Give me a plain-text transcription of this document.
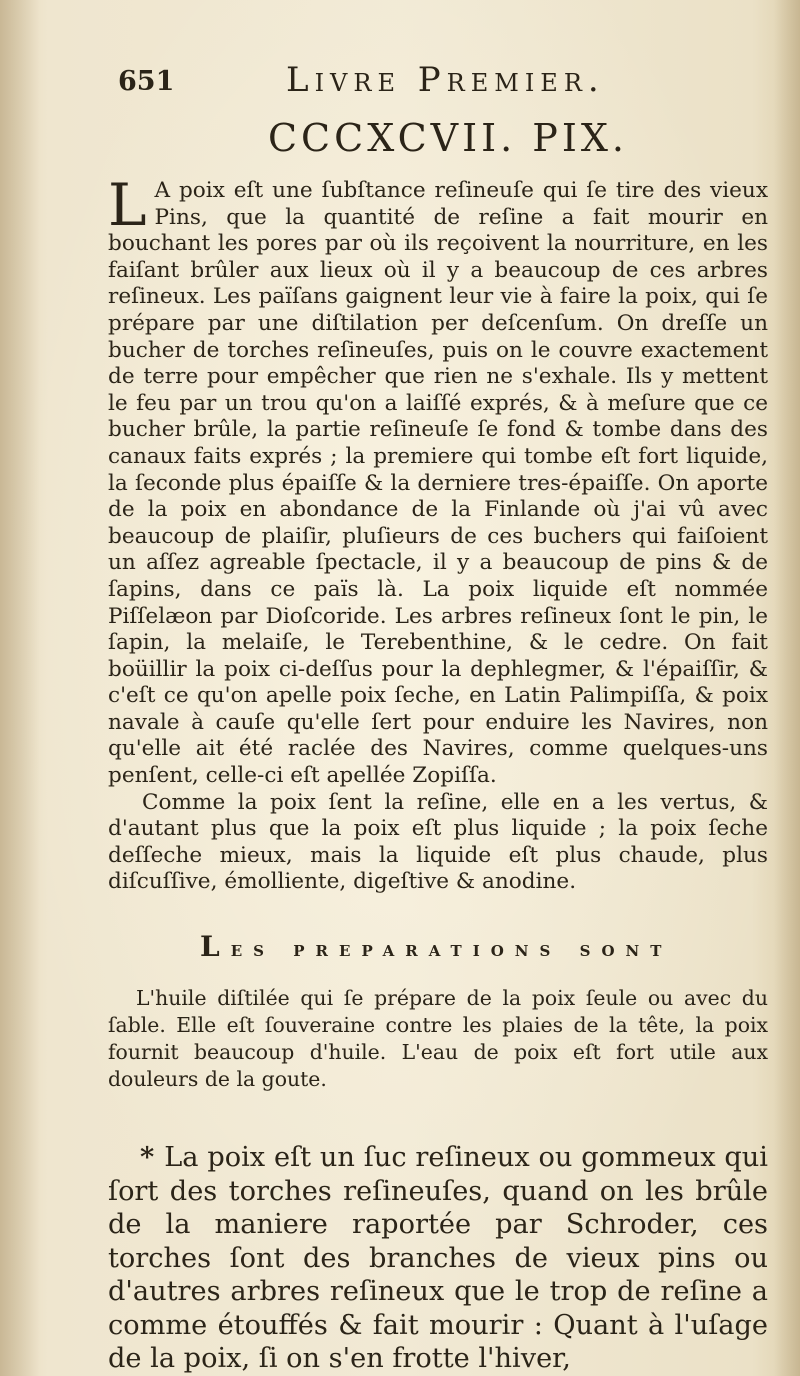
651	Livre Premier.
CCCXCVII. PIX.

L A poix eſt une ſubſtance reſineuſe qui ſe tire des vieux Pins, que la quantité de reſine a fait mourir en bouchant les pores par où ils reçoivent la nourriture, en les faiſant brûler aux lieux où il y a beaucoup de ces arbres reſineux. Les païſans gaignent leur vie à faire la poix, qui ſe prépare par une diſtilation per deſcenſum. On dreſſe un bucher de torches reſineuſes, puis on le couvre exactement de terre pour empêcher que rien ne s'exhale. Ils y mettent le feu par un trou qu'on a laiſſé exprés, & à meſure que ce bucher brûle, la partie reſineuſe ſe fond & tombe dans des canaux faits exprés ; la premiere qui tombe eſt fort liquide, la ſeconde plus épaiſſe & la derniere tres-épaiſſe. On aporte de la poix en abondance de la Finlande où j'ai vû avec beaucoup de plaiſir, pluſieurs de ces buchers qui faiſoient un aſſez agreable ſpectacle, il y a beaucoup de pins & de ſapins, dans ce païs là. La poix liquide eſt nommée Piſſelæon par Dioſcoride. Les arbres reſineux ſont le pin, le ſapin, la melaiſe, le Terebenthine, & le cedre. On fait boüillir la poix ci-deſſus pour la dephlegmer, & l'épaiſſir, & c'eſt ce qu'on apelle poix ſeche, en Latin Palimpiſſa, & poix navale à cauſe qu'elle ſert pour enduire les Navires, non qu'elle ait été raclée des Navires, comme quelques-uns penſent, celle-ci eſt apellée Zopiſſa.

Comme la poix ſent la reſine, elle en a les vertus, & d'autant plus que la poix eſt plus liquide ; la poix ſeche deſſeche mieux, mais la liquide eſt plus chaude, plus diſcuſſive, émolliente, digeſtive & anodine.

Les preparations sont

L'huile diſtilée qui ſe prépare de la poix ſeule ou avec du ſable. Elle eſt ſouveraine contre les plaies de la tête, la poix fournit beaucoup d'huile. L'eau de poix eſt fort utile aux douleurs de la goute.

* La poix eſt un ſuc reſineux ou gommeux qui ſort des torches reſineuſes, quand on les brûle de la maniere raportée par Schroder, ces torches ſont des branches de vieux pins ou d'autres arbres reſineux que le trop de reſine a comme étouffés & fait mourir : Quant à l'uſage de la poix, ſi on s'en frotte l'hiver,
